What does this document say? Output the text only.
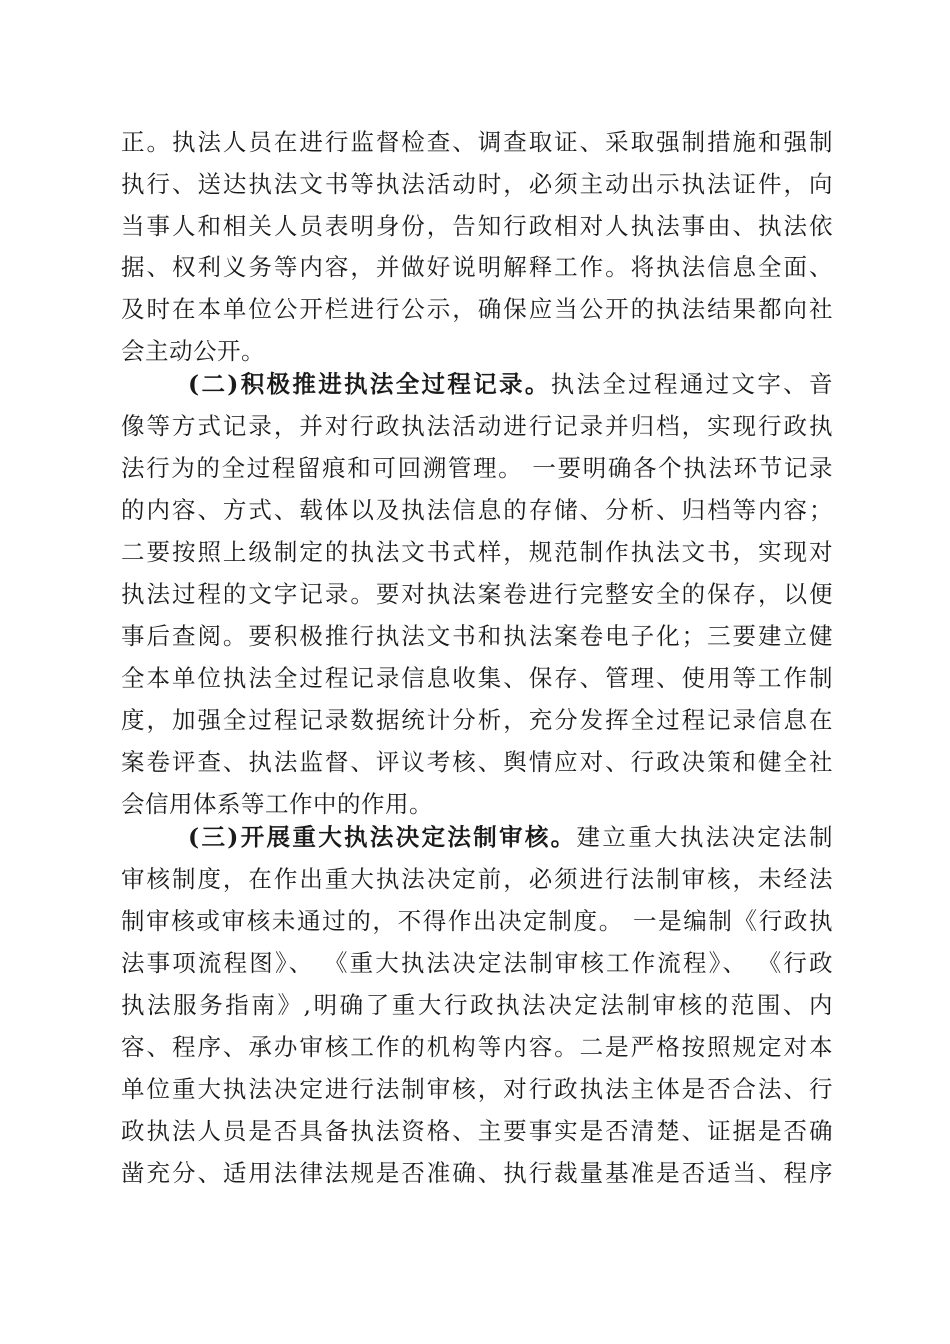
正。执法人员在进行监督检查、调查取证、采取强制措施和强制
执行、送达执法文书等执法活动时，必须主动出示执法证件，向
当事人和相关人员表明身份，告知行政相对人执法事由、执法依
据、权利义务等内容，并做好说明解释工作。将执法信息全面、
及时在本单位公开栏进行公示，确保应当公开的执法结果都向社
会主动公开。
(二)积极推进执法全过程记录。执法全过程通过文字、音
像等方式记录，并对行政执法活动进行记录并归档，实现行政执
法行为的全过程留痕和可回溯管理。 一要明确各个执法环节记录
的内容、方式、载体以及执法信息的存储、分析、归档等内容；
二要按照上级制定的执法文书式样，规范制作执法文书，实现对
执法过程的文字记录。要对执法案卷进行完整安全的保存，以便
事后查阅。要积极推行执法文书和执法案卷电子化；三要建立健
全本单位执法全过程记录信息收集、保存、管理、使用等工作制
度，加强全过程记录数据统计分析，充分发挥全过程记录信息在
案卷评查、执法监督、评议考核、舆情应对、行政决策和健全社
会信用体系等工作中的作用。
(三)开展重大执法决定法制审核。建立重大执法决定法制
审核制度，在作出重大执法决定前，必须进行法制审核，未经法
制审核或审核未通过的，不得作出决定制度。 一是编制《行政执
法事项流程图》、 《重大执法决定法制审核工作流程》、 《行政
执法服务指南》,明确了重大行政执法决定法制审核的范围、内
容、程序、承办审核工作的机构等内容。二是严格按照规定对本
单位重大执法决定进行法制审核，对行政执法主体是否合法、行
政执法人员是否具备执法资格、主要事实是否清楚、证据是否确
凿充分、适用法律法规是否准确、执行裁量基准是否适当、程序
